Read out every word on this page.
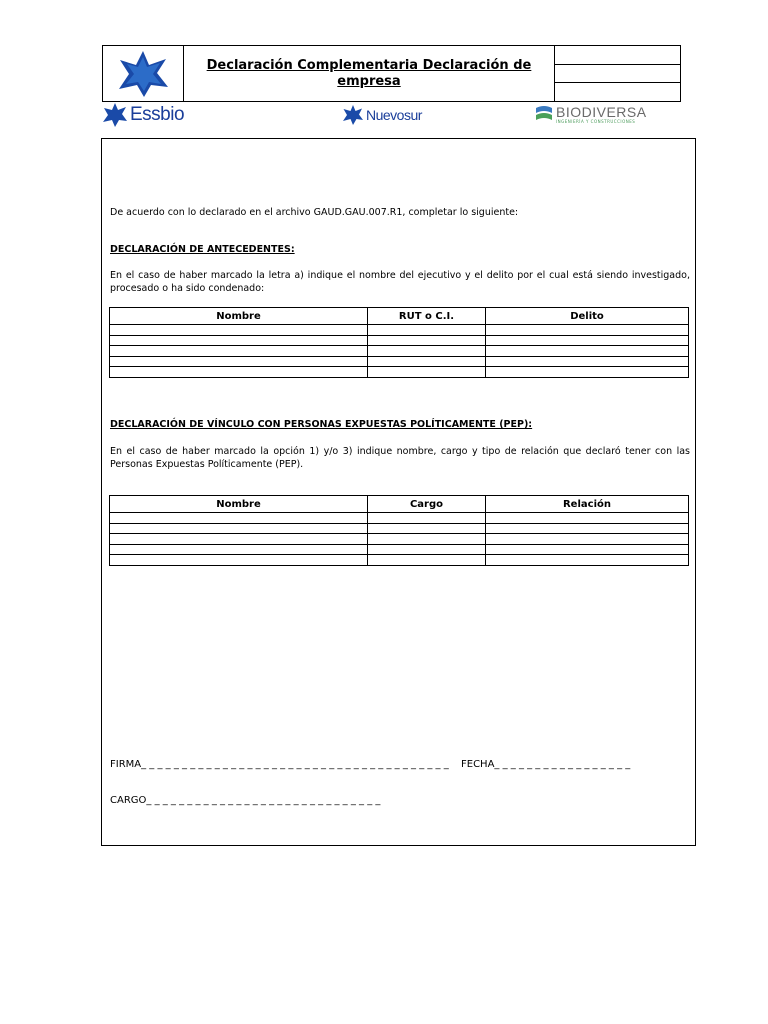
Declaración Complementaria Declaración de empresa
Essbio	Nuevosur	BIODIVERSA
INGENIERÍA Y CONSTRUCCIONES

De acuerdo con lo declarado en el archivo GAUD.GAU.007.R1, completar lo siguiente:

DECLARACIÓN DE ANTECEDENTES:

En el caso de haber marcado la letra a) indique el nombre del ejecutivo y el delito por el cual está siendo investigado, procesado o ha sido condenado:

Nombre	RUT o C.I.	Delito

DECLARACIÓN DE VÍNCULO CON PERSONAS EXPUESTAS POLÍTICAMENTE (PEP):

En el caso de haber marcado la opción 1) y/o 3) indique nombre, cargo y tipo de relación que declaró tener con las Personas Expuestas Políticamente (PEP).

Nombre	Cargo	Relación

FIRMA_ _ _ _ _ _ _ _ _ _ _ _ _ _ _ _ _ _ _ _ _ _ _ _ _ _ _ _ _ _ _ _ _ _ _ _ _ _ FECHA_ _ _ _ _ _ _ _ _ _ _ _ _ _ _ _ _

CARGO_ _ _ _ _ _ _ _ _ _ _ _ _ _ _ _ _ _ _ _ _ _ _ _ _ _ _ _ _
